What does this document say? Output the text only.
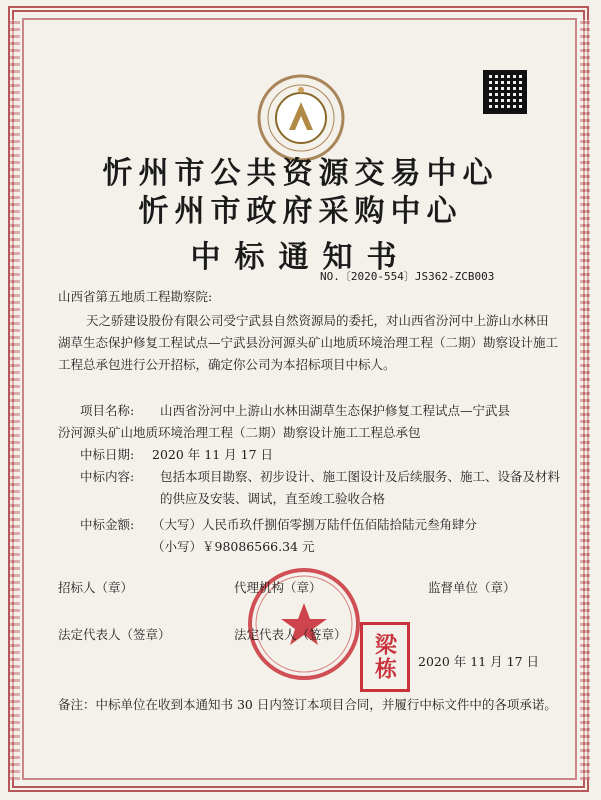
忻州市公共资源交易中心
忻州市政府采购中心
中标通知书
NO.〔2020-554〕JS362-ZCB003
山西省第五地质工程勘察院:
天之骄建设股份有限公司受宁武县自然资源局的委托，对山西省汾河中上游山水林田湖草生态保护修复工程试点—宁武县汾河源头矿山地质环境治理工程（二期）勘察设计施工工程总承包进行公开招标，确定你公司为本招标项目中标人。
项目名称:	山西省汾河中上游山水林田湖草生态保护修复工程试点—宁武县
汾河源头矿山地质环境治理工程（二期）勘察设计施工工程总承包
中标日期:	2020 年 11 月 17 日
中标内容:	包括本项目勘察、初步设计、施工图设计及后续服务、施工、设备及材料的供应及安装、调试，直至竣工验收合格
中标金额:	（大写）人民币玖仟捌佰零捌万陆仟伍佰陆拾陆元叁角肆分
（小写）￥98086566.34 元
招标人（章）	代理机构（章）	监督单位（章）
法定代表人（签章）	法定代表人（签章）	梁栋	2020 年 11 月 17 日
备注：中标单位在收到本通知书 30 日内签订本项目合同，并履行中标文件中的各项承诺。
